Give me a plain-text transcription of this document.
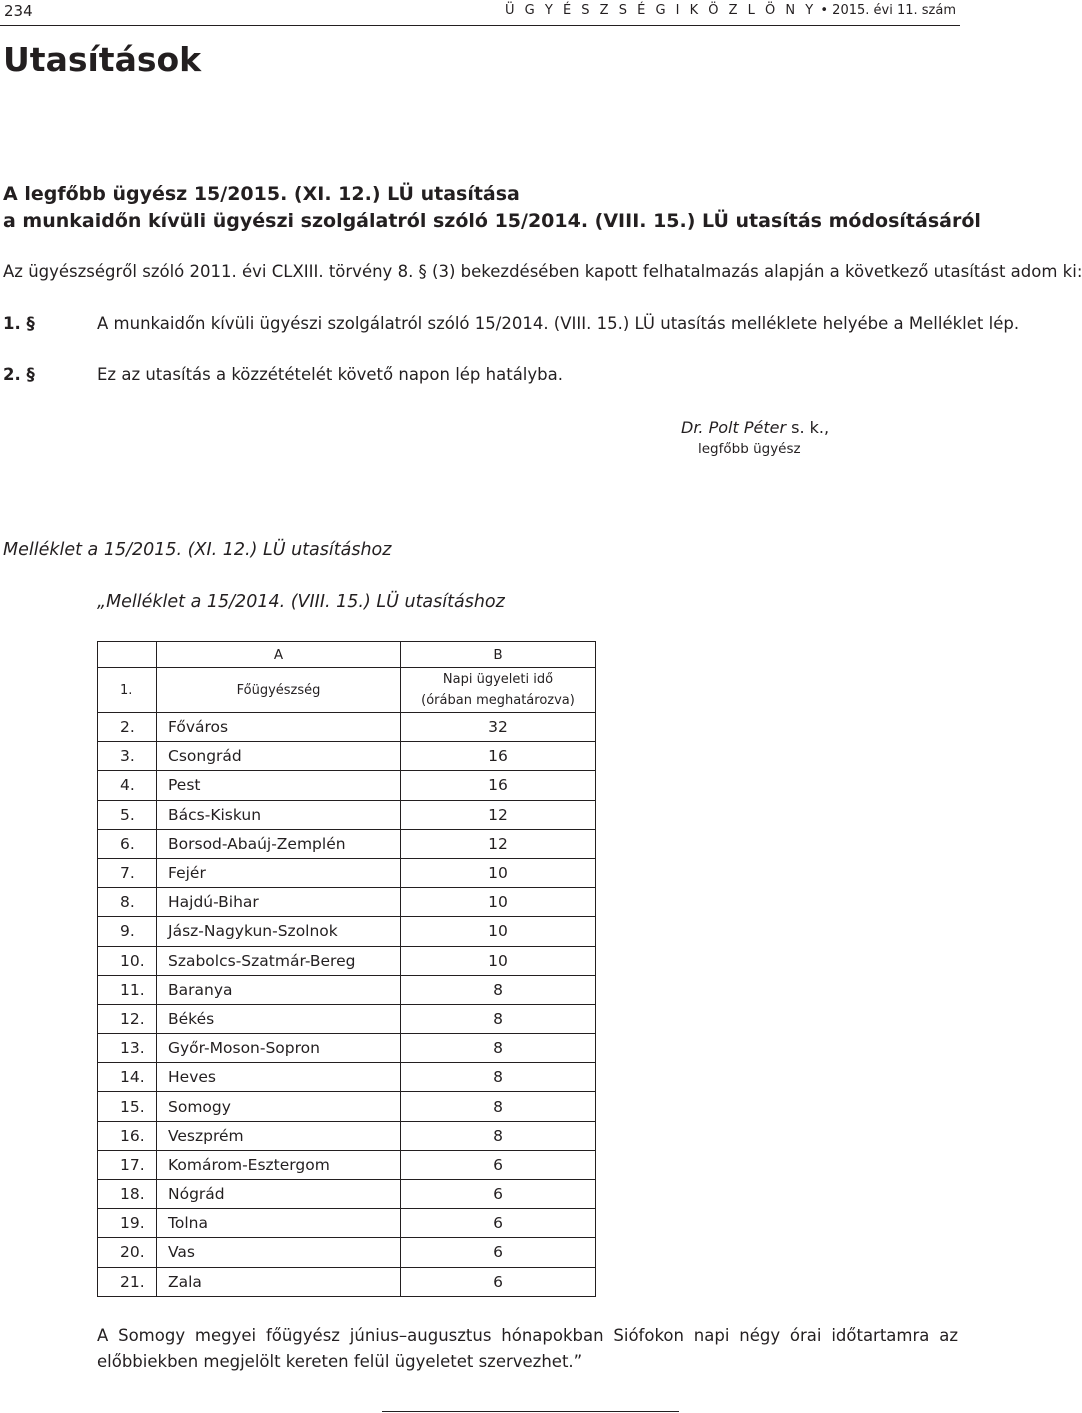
234	Ü G Y É S Z S É G I K Ö Z L Ö N Y • 2015. évi 11. szám
Utasítások
A legfőbb ügyész 15/2015. (XI. 12.) LÜ utasítása
a munkaidőn kívüli ügyészi szolgálatról szóló 15/2014. (VIII. 15.) LÜ utasítás módosításáról
Az ügyészségről szóló 2011. évi CLXIII. törvény 8. § (3) bekezdésében kapott felhatalmazás alapján a következő utasítást adom ki:
1. §	A munkaidőn kívüli ügyészi szolgálatról szóló 15/2014. (VIII. 15.) LÜ utasítás melléklete helyébe a Melléklet lép.
2. §	Ez az utasítás a közzétételét követő napon lép hatályba.
Dr. Polt Péter s. k.,
legfőbb ügyész
Melléklet a 15/2015. (XI. 12.) LÜ utasításhoz
„Melléklet a 15/2014. (VIII. 15.) LÜ utasításhoz
	A	B
1.	Főügyészség	Napi ügyeleti idő
(órában meghatározva)
2.	Főváros	32
3.	Csongrád	16
4.	Pest	16
5.	Bács-Kiskun	12
6.	Borsod-Abaúj-Zemplén	12
7.	Fejér	10
8.	Hajdú-Bihar	10
9.	Jász-Nagykun-Szolnok	10
10.	Szabolcs-Szatmár-Bereg	10
11.	Baranya	8
12.	Békés	8
13.	Győr-Moson-Sopron	8
14.	Heves	8
15.	Somogy	8
16.	Veszprém	8
17.	Komárom-Esztergom	6
18.	Nógrád	6
19.	Tolna	6
20.	Vas	6
21.	Zala	6
A Somogy megyei főügyész június–augusztus hónapokban Siófokon napi négy órai időtartamra az előbbiekben megjelölt kereten felül ügyeletet szervezhet.”
